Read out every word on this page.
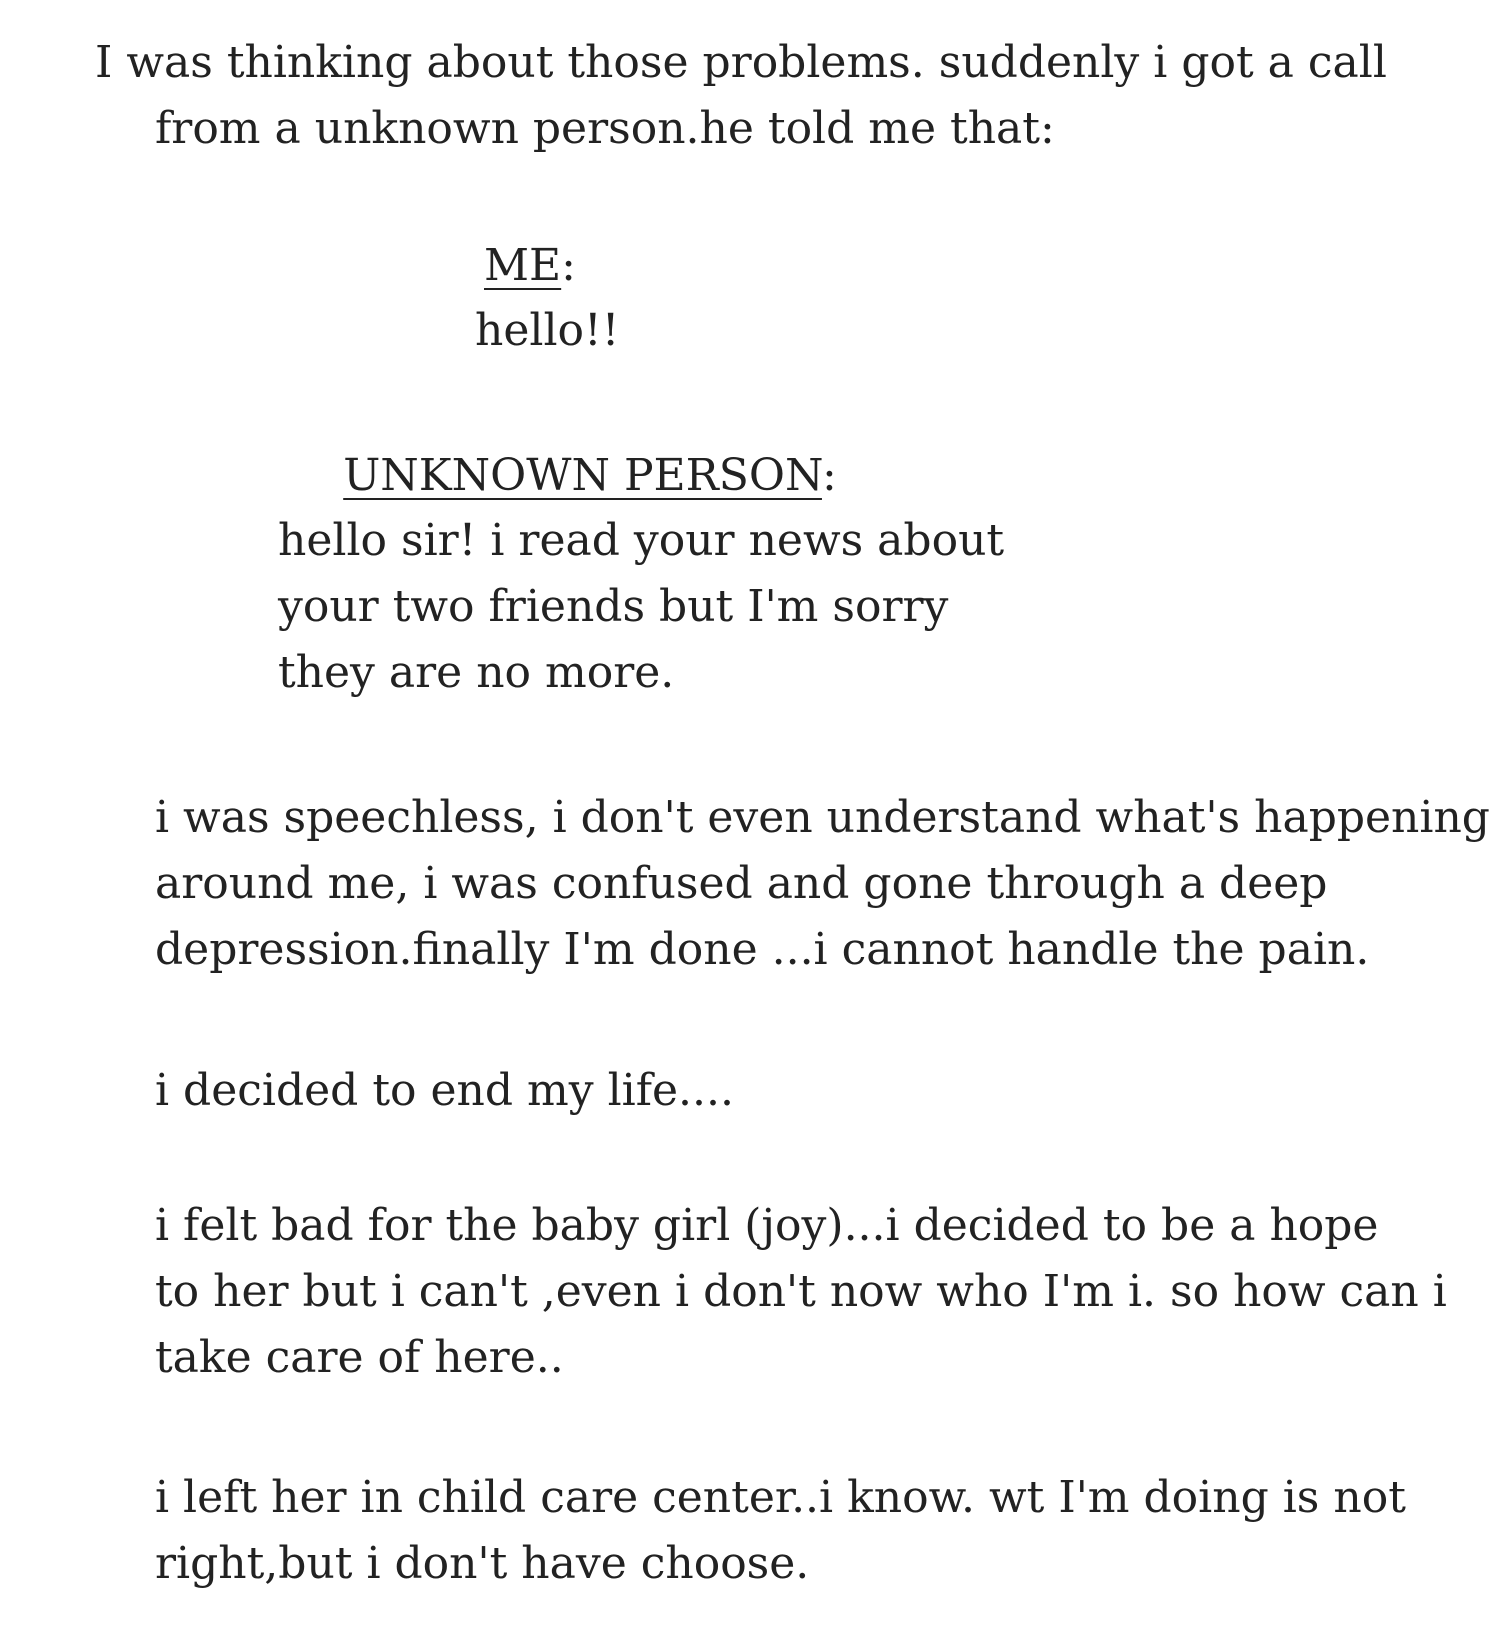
I was thinking about those problems. suddenly i got a call
from a unknown person.he told me that:

ME:

hello!!

UNKNOWN PERSON:

hello sir! i read your news about
your two friends but I'm sorry
they are no more.

i was speechless, i don't even understand what's happening
around me, i was confused and gone through a deep
depression.finally I'm done ...i cannot handle the pain.

i decided to end my life....

i felt bad for the baby girl (joy)...i decided to be a hope
to her but i can't ,even i don't now who I'm i. so how can i
take care of here..

i left her in child care center..i know. wt I'm doing is not
right,but i don't have choose.
